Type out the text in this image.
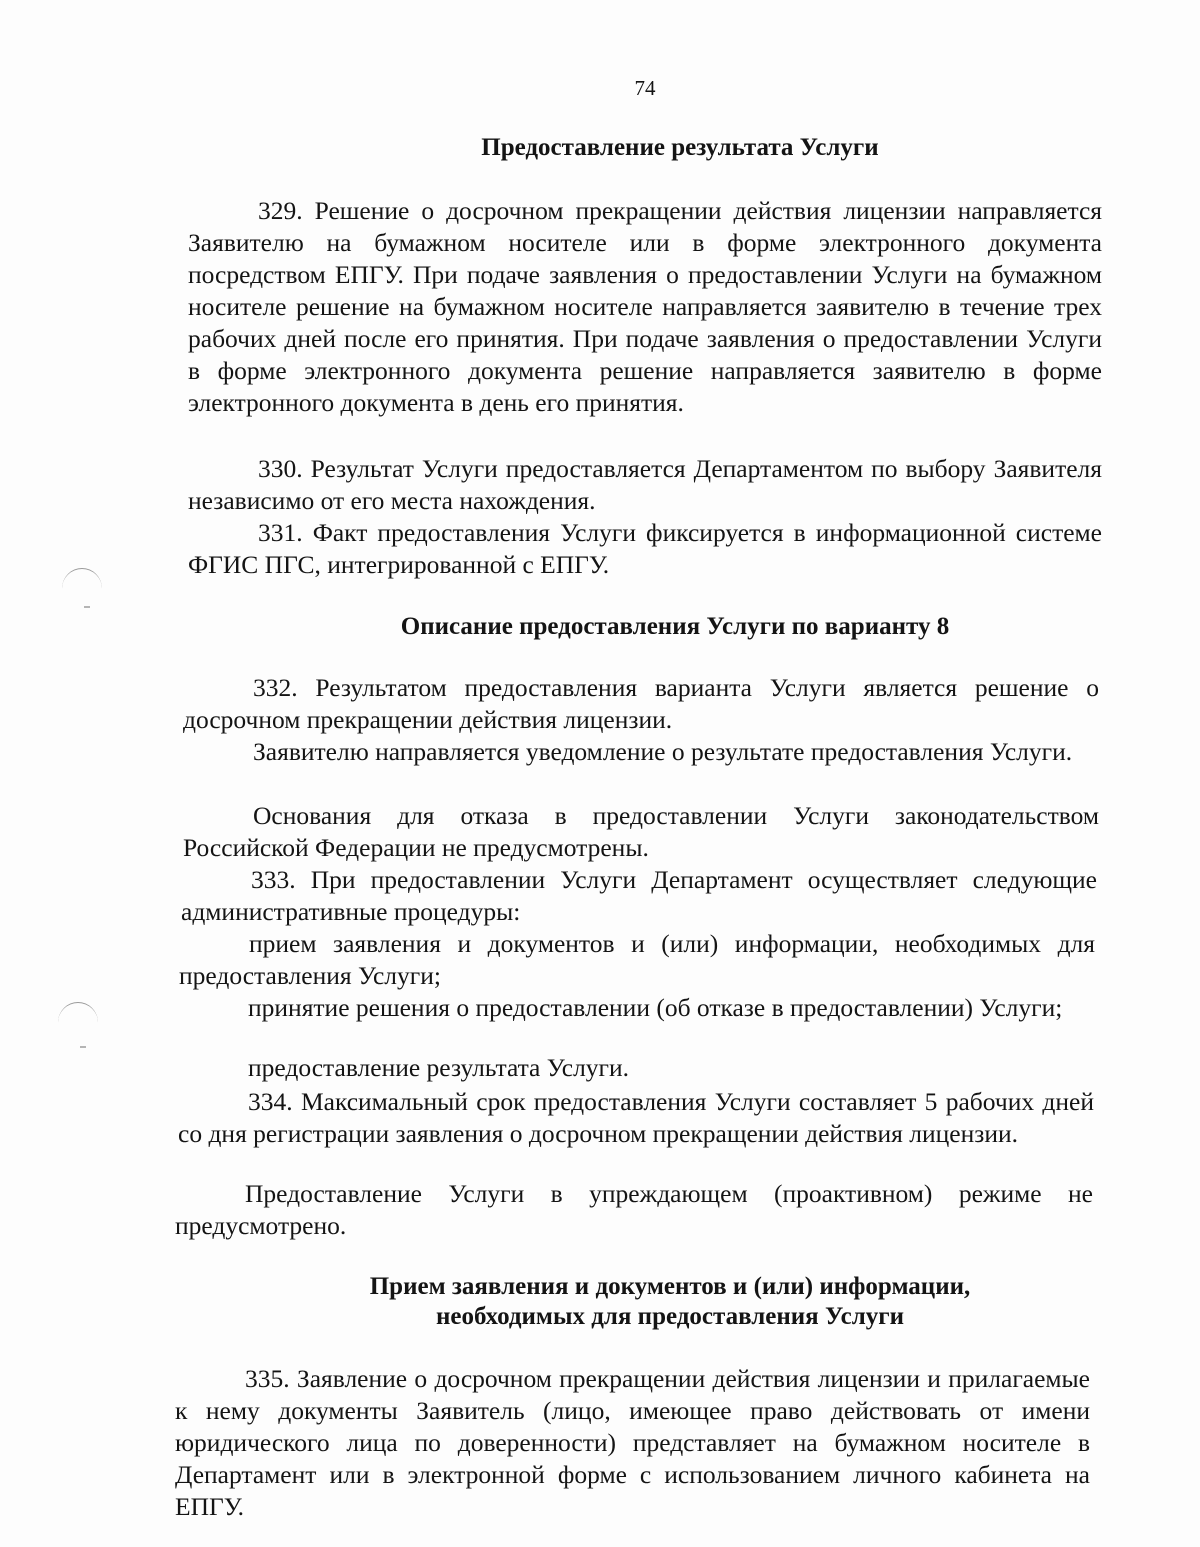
74
Предоставление результата Услуги
329. Решение о досрочном прекращении действия лицензии направляется Заявителю на бумажном носителе или в форме электронного документа посредством ЕПГУ. При подаче заявления о предоставлении Услуги на бумажном носителе решение на бумажном носителе направляется заявителю в течение трех рабочих дней после его принятия. При подаче заявления о предоставлении Услуги в форме электронного документа решение направляется заявителю в форме электронного документа в день его принятия.
330. Результат Услуги предоставляется Департаментом по выбору Заявителя независимо от его места нахождения.
331. Факт предоставления Услуги фиксируется в информационной системе ФГИС ПГС, интегрированной с ЕПГУ.
Описание предоставления Услуги по варианту 8
332. Результатом предоставления варианта Услуги является решение о досрочном прекращении действия лицензии.
Заявителю направляется уведомление о результате предоставления Услуги.
Основания для отказа в предоставлении Услуги законодательством Российской Федерации не предусмотрены.
333. При предоставлении Услуги Департамент осуществляет следующие административные процедуры:
прием заявления и документов и (или) информации, необходимых для предоставления Услуги;
принятие решения о предоставлении (об отказе в предоставлении) Услуги;
предоставление результата Услуги.
334. Максимальный срок предоставления Услуги составляет 5 рабочих дней со дня регистрации заявления о досрочном прекращении действия лицензии.
Предоставление Услуги в упреждающем (проактивном) режиме не предусмотрено.
Прием заявления и документов и (или) информации,
необходимых для предоставления Услуги
335. Заявление о досрочном прекращении действия лицензии и прилагаемые к нему документы Заявитель (лицо, имеющее право действовать от имени юридического лица по доверенности) представляет на бумажном носителе в Департамент или в электронной форме с использованием личного кабинета на ЕПГУ.
